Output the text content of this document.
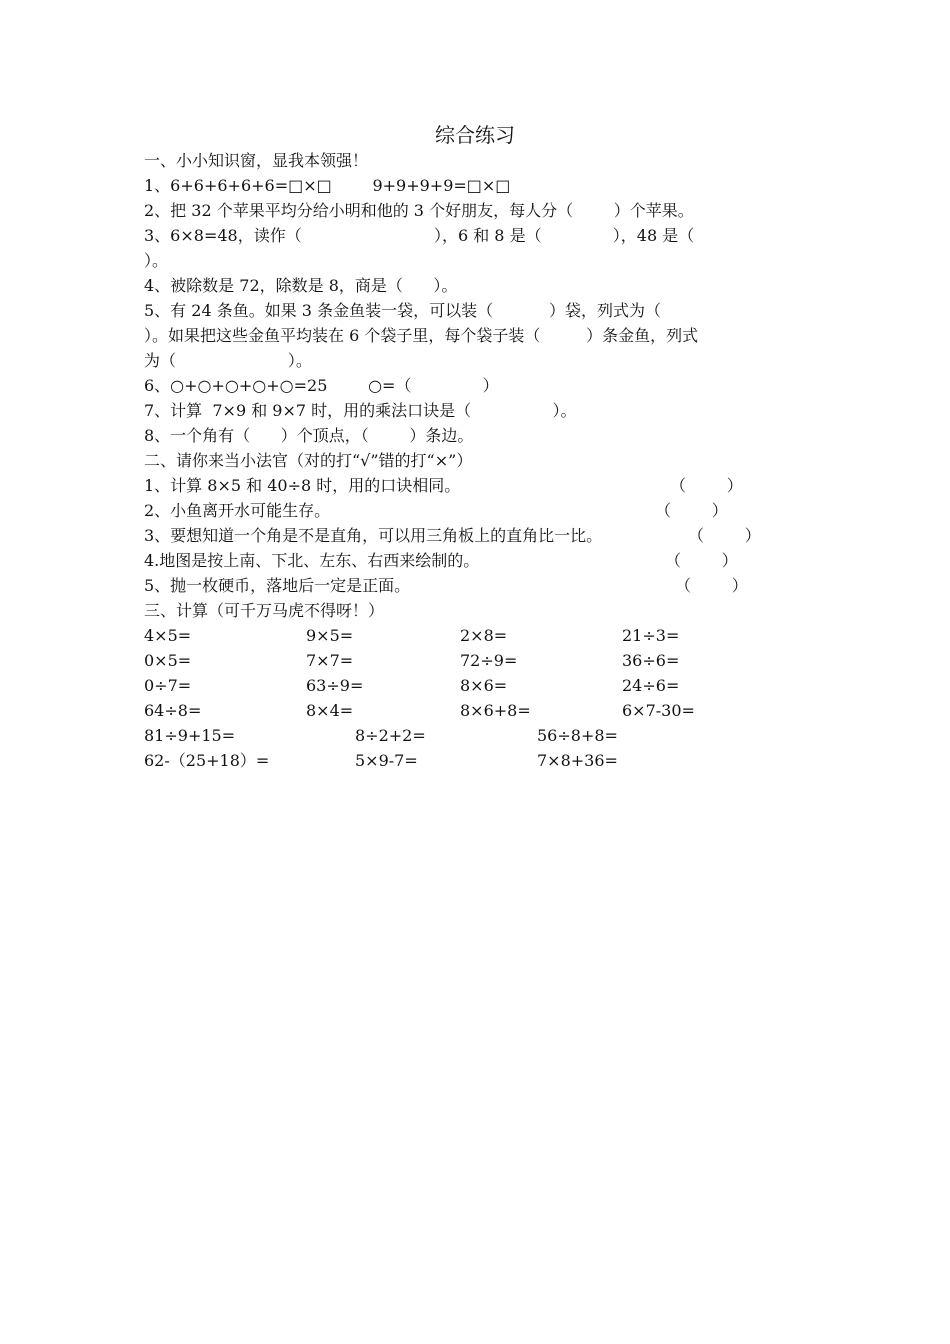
综合练习
一、小小知识窗，显我本领强！
1、6+6+6+6+6=□×□        9+9+9+9=□×□
2、把 32 个苹果平均分给小明和他的 3 个好朋友，每人分（        ）个苹果。
3、6×8=48，读作（                          ），6 和 8 是（              ），48 是（
）。
4、被除数是 72，除数是 8，商是（      ）。
5、有 24 条鱼。如果 3 条金鱼装一袋，可以装（           ）袋，列式为（
）。如果把这些金鱼平均装在 6 个袋子里，每个袋子装（         ）条金鱼，列式
为（                      ）。
6、○+○+○+○+○=25        ○=（              ）
7、计算  7×9 和 9×7 时，用的乘法口诀是（                ）。
8、一个角有（      ）个顶点，（        ）条边。
二、请你来当小法官（对的打“√”错的打“×”）
1、计算 8×5 和 40÷8 时，用的口诀相同。	（        ）
2、小鱼离开水可能生存。	（        ）
3、要想知道一个角是不是直角，可以用三角板上的直角比一比。	（        ）
4.地图是按上南、下北、左东、右西来绘制的。	（        ）
5、抛一枚硬币，落地后一定是正面。	（        ）
三、计算（可千万马虎不得呀！）
4×5=	9×5=	2×8=	21÷3=
0×5=	7×7=	72÷9=	36÷6=
0÷7=	63÷9=	8×6=	24÷6=
64÷8=	8×4=	8×6+8=	6×7-30=
81÷9+15=	8÷2+2=	56÷8+8=
62-（25+18）=	5×9-7=	7×8+36=
